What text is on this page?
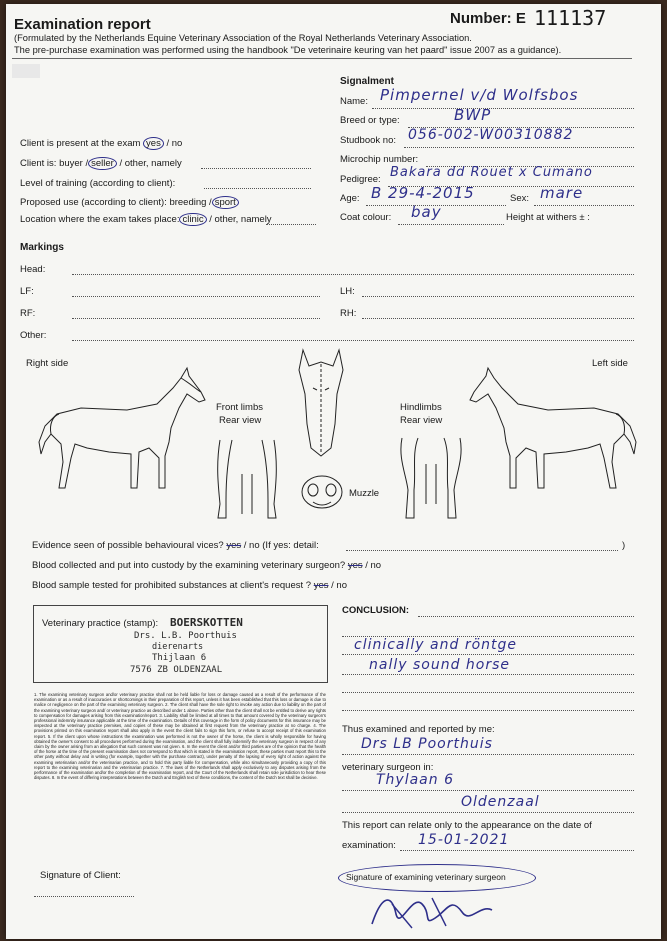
Examination report	Number: E 111137
(Formulated by the Netherlands Equine Veterinary Association of the Royal Netherlands Veterinary Association.
The pre-purchase examination was performed using the handbook "De veterinaire keuring van het paard" issue 2007 as a guidance).
Client is present at the exam yes / no
Client is: buyer / seller / other, namely
Level of training (according to client):
Proposed use (according to client): breeding / sport
Location where the exam takes place: clinic / other, namely
Signalment
Name: Pimpernel v/d Wolfsbos
Breed or type:	BWP
Studbook no: 056-002-W00310882
Microchip number:
Pedigree: Bakara dd Rouet x Cumano
Age: B 29-4-2015	Sex: mare
Coat colour: bay	Height at withers ± :
Markings
Head:
LF:	LH:
RF:	RH:
Other:
Right side	Left side
Front limbs
Rear view
Hindlimbs
Rear view
Muzzle
Evidence seen of possible behavioural vices? yes / no (If yes: detail:	)
Blood collected and put into custody by the examining veterinary surgeon? yes / no
Blood sample tested for prohibited substances at client's request ? yes / no
Veterinary practice (stamp): BOERSKOTTEN
Drs. L.B. Poorthuis
dierenarts
Thijlaan 6
7576 ZB OLDENZAAL
1. The examining veterinary surgeon and/or veterinary practice shall not be held liable for loss or damage caused as a result of the performance of the examination or as a result of inaccuracies or shortcomings in their preparation of this report, unless it has been established that this loss or damage is due to malice or negligence on the part of the examining veterinary surgeon. 2. The client shall have the sole right to invoke any action due to liability on the part of the examining veterinary surgeon and/ or veterinary practice as described under 1 above. Parties other than the client shall not be entitled to derive any rights to compensation for damages arising from this examination/report. 3. Liability shall be limited at all times to that amount covered by the veterinary surgeon's professional indemnity insurance applicable at the time of the examination. Details of this coverage in the form of policy documents for this insurance may be inspected at the veterinary practice premises, and copies of these may be obtained at first request from the veterinary practice at no charge. 4. The provisions printed on this examination report shall also apply in the event the client fails to sign this form, or refuse to accept receipt of this examination report. 5. If the client upon whose instructions the examination was performed is not the owner of the horse, the client is wholly responsible for having obtained the owner's consent to all procedures performed during the examination, and the client shall fully indemnify the veterinary surgeon in respect of any claim by the owner arising from an allegation that such consent was not given. 6. In the event the client and/or third parties are of the opinion that the health of the horse at the time of the present examination does not correspond to that which is stated in the examination report, these parties must report this to the other party without delay and in writing (for example, together with the purchase contract), under penalty of the lapsing of every right of action against the examining veterinarian and/or the veterinarian practice, and to hold this party liable for compensation, while also simultaneously providing a copy of this report to the examining veterinarian and the veterinarian practice. 7. The laws of the Netherlands shall apply exclusively to any disputes arising from the performance of the examination and/or the completion of the examination report, and the Court of the Netherlands shall retain sole jurisdiction to hear these disputes. 8. In the event of differing interpretations between the Dutch and English text of these conditions, the content of the Dutch text shall be decisive.
Signature of Client:
CONCLUSION:
clinically and röntge
nally sound horse
Thus examined and reported by me:
Drs LB Poorthuis
veterinary surgeon in:
Thylaan 6
Oldenzaal
This report can relate only to the appearance on the date of
examination: 15-01-2021
Signature of examining veterinary surgeon
